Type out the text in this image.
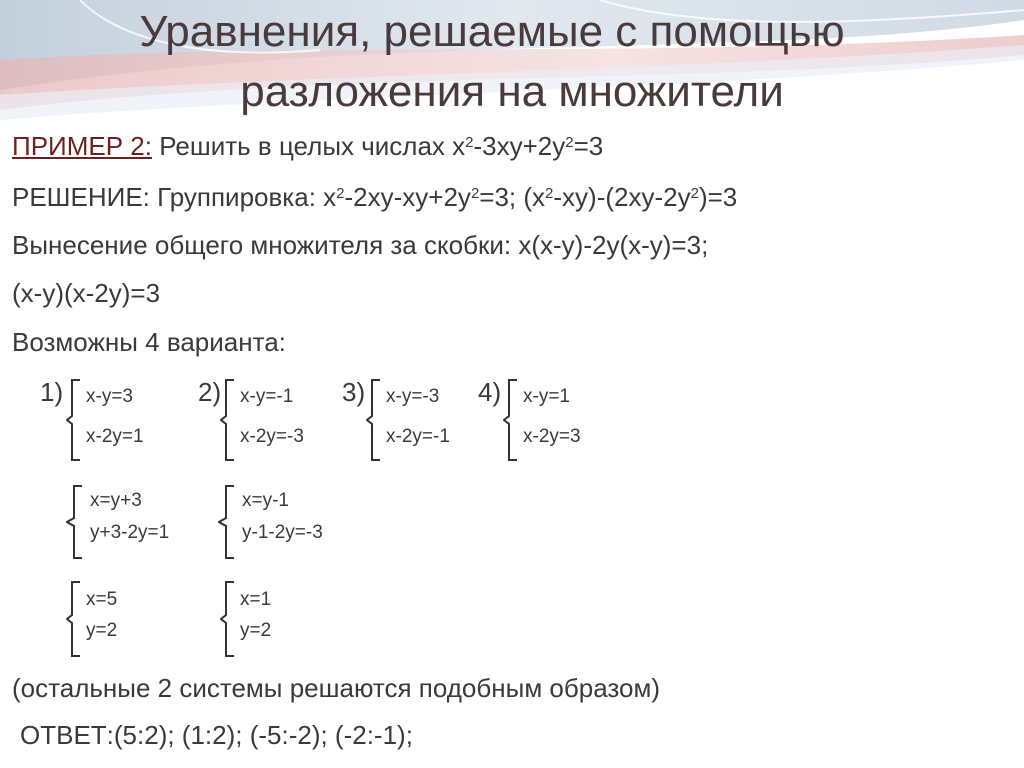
Уравнения, решаемые с помощью
разложения на множители
ПРИМЕР 2: Решить в целых числах $x^2-3xy+2y^2=3$
РЕШЕНИЕ: Группировка: $x^2-2xy-xy+2y^2=3$; $(x^2-xy)-(2xy-2y^2)=3$
Вынесение общего множителя за скобки: x(x-y)-2y(x-y)=3;
(x-y)(x-2y)=3
Возможны 4 варианта:
1)	2)	3)	4)
x-y=3
x-2y=1
x-y=-1
x-2y=-3
x-y=-3
x-2y=-1
x-y=1
x-2y=3
x=y+3
y+3-2y=1
x=y-1
y-1-2y=-3
x=5
y=2
x=1
y=2
(остальные 2 системы решаются подобным образом)
ОТВЕТ:(5:2); (1:2); (-5:-2); (-2:-1);
